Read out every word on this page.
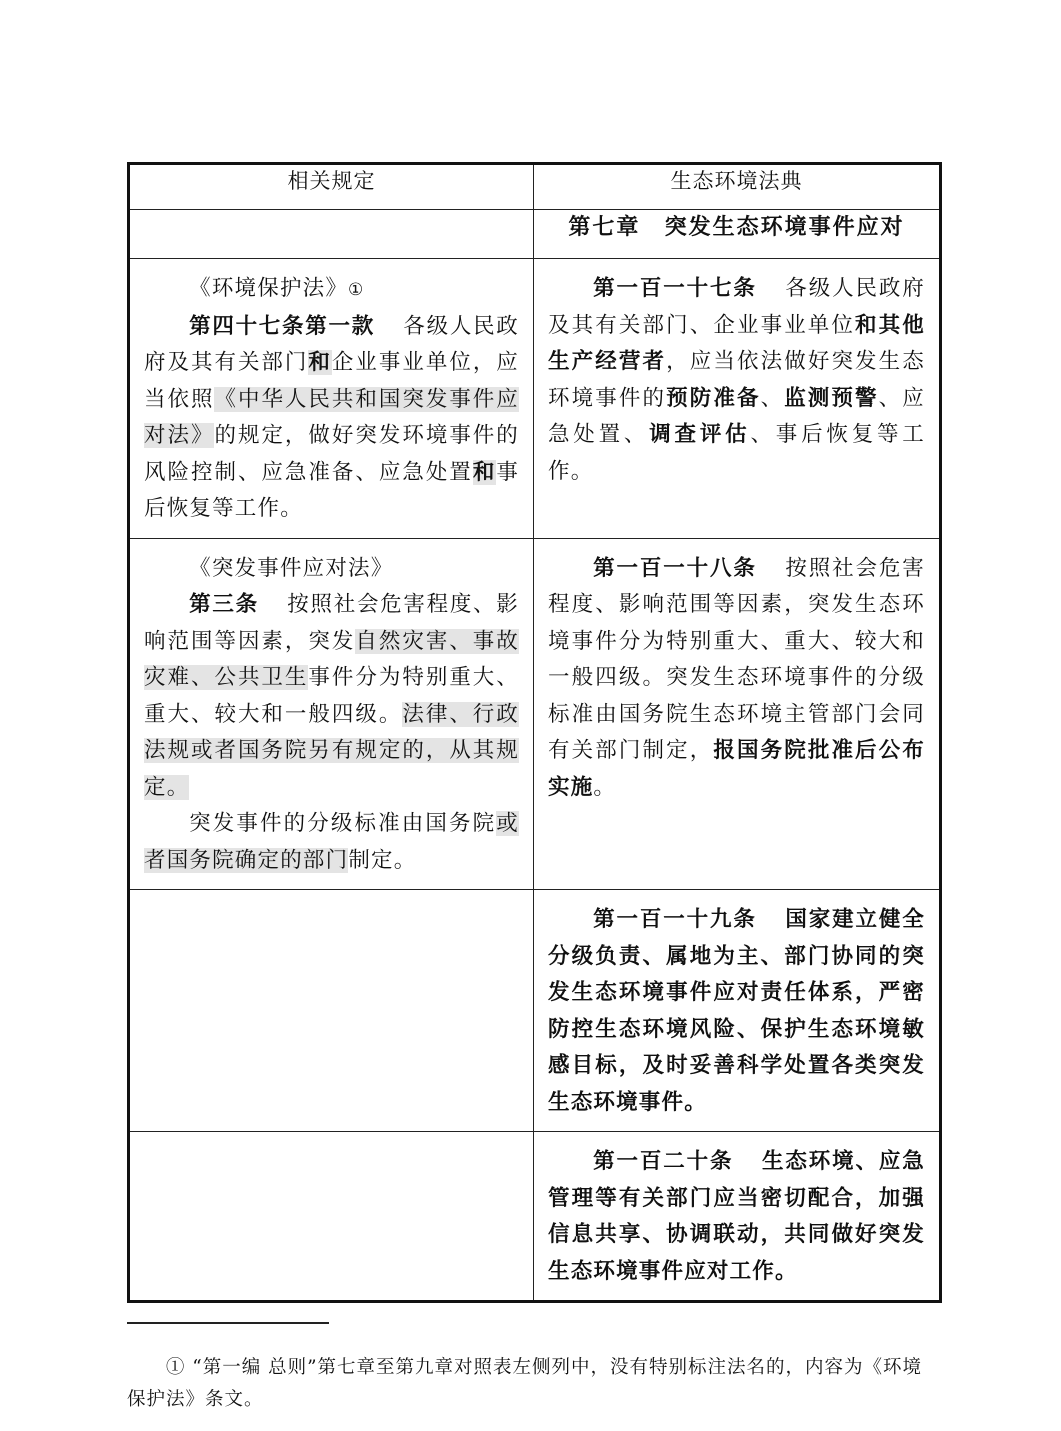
相关规定	生态环境法典
	第七章 突发生态环境事件应对

《环境保护法》①

第四十七条第一款 各级人民政府及其有关部门和企业事业单位，应当依照《中华人民共和国突发事件应对法》的规定，做好突发环境事件的风险控制、应急准备、应急处置和事后恢复等工作。	第一百一十七条 各级人民政府及其有关部门、企业事业单位和其他生产经营者，应当依法做好突发生态环境事件的预防准备、监测预警、应急处置、调查评估、事后恢复等工作。

《突发事件应对法》

第三条 按照社会危害程度、影响范围等因素，突发自然灾害、事故灾难、公共卫生事件分为特别重大、重大、较大和一般四级。法律、行政法规或者国务院另有规定的，从其规定。

突发事件的分级标准由国务院或者国务院确定的部门制定。	第一百一十八条 按照社会危害程度、影响范围等因素，突发生态环境事件分为特别重大、重大、较大和一般四级。突发生态环境事件的分级标准由国务院生态环境主管部门会同有关部门制定，报国务院批准后公布实施。

	第一百一十九条 国家建立健全分级负责、属地为主、部门协同的突发生态环境事件应对责任体系，严密防控生态环境风险、保护生态环境敏感目标，及时妥善科学处置各类突发生态环境事件。

	第一百二十条 生态环境、应急管理等有关部门应当密切配合，加强信息共享、协调联动，共同做好突发生态环境事件应对工作。

① “第一编 总则”第七章至第九章对照表左侧列中，没有特别标注法名的，内容为《环境保护法》条文。
